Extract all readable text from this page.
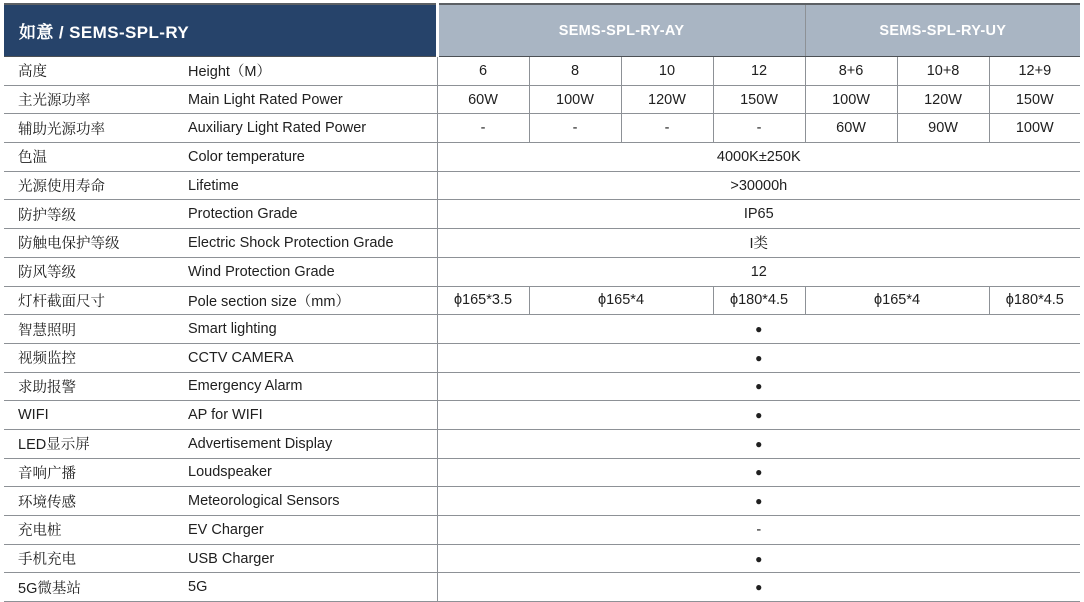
如意 / SEMS-SPL-RY		SEMS-SPL-RY-AY				SEMS-SPL-RY-UY		
高度	Height（M）	6	8	10	12	8+6	10+8	12+9
主光源功率	Main Light Rated Power	60W	100W	120W	150W	100W	120W	150W
辅助光源功率	Auxiliary Light Rated Power	-	-	-	-	60W	90W	100W
色温	Color temperature	4000K±250K						
光源使用寿命	Lifetime	>30000h						
防护等级	Protection Grade	IP65						
防触电保护等级	Electric Shock Protection Grade	I类						
防风等级	Wind Protection Grade	12						
灯杆截面尺寸	Pole section size（mm）	ϕ165*3.5	ϕ165*4		ϕ180*4.5	ϕ165*4		ϕ180*4.5
智慧照明	Smart lighting	●						
视频监控	CCTV CAMERA	●						
求助报警	Emergency Alarm	●						
WIFI	AP for WIFI	●						
LED显示屏	Advertisement Display	●						
音响广播	Loudspeaker	●						
环境传感	Meteorological Sensors	●						
充电桩	EV Charger	-						
手机充电	USB Charger	●						
5G微基站	5G	●						
